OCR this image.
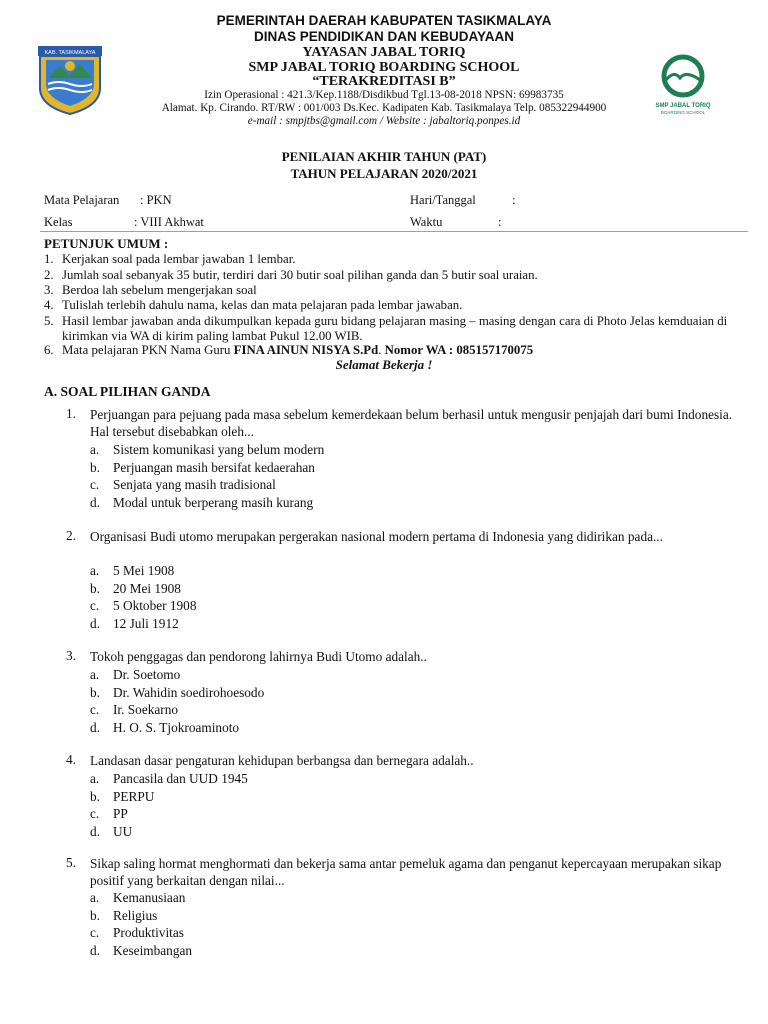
KAB. TASIKMALAYA
SMP JABAL TORIQ
BOARDING SCHOOL
PEMERINTAH DAERAH KABUPATEN TASIKMALAYA
DINAS PENDIDIKAN DAN KEBUDAYAAN
YAYASAN JABAL TORIQ
SMP JABAL TORIQ BOARDING SCHOOL
“TERAKREDITASI B”
Izin Operasional : 421.3/Kep.1188/Disdikbud Tgl.13-08-2018 NPSN: 69983735
Alamat. Kp. Cirando. RT/RW : 001/003 Ds.Kec. Kadipaten Kab. Tasikmalaya Telp. 085322944900
e-mail : smpjtbs@gmail.com / Website : jabaltoriq.ponpes.id
PENILAIAN AKHIR TAHUN (PAT)
TAHUN PELAJARAN 2020/2021
Mata Pelajaran : PKN
Kelas	: VIII Akhwat
Hari/Tanggal	:
Waktu	:
PETUNJUK UMUM :
1. Kerjakan soal pada lembar jawaban 1 lembar.
2. Jumlah soal sebanyak 35 butir, terdiri dari 30 butir soal pilihan ganda dan 5 butir soal uraian.
3. Berdoa lah sebelum mengerjakan soal
4. Tulislah terlebih dahulu nama, kelas dan mata pelajaran pada lembar jawaban.
5. Hasil lembar jawaban anda dikumpulkan kepada guru bidang pelajaran masing – masing dengan cara di Photo Jelas kemduaian di kirimkan via WA di kirim paling lambat Pukul 12.00 WIB.
6. Mata pelajaran PKN Nama Guru FINA AINUN NISYA S.Pd. Nomor WA : 085157170075
Selamat Bekerja !
A. SOAL PILIHAN GANDA
1. Perjuangan para pejuang pada masa sebelum kemerdekaan belum berhasil untuk mengusir penjajah dari bumi Indonesia. Hal tersebut disebabkan oleh...
a. Sistem komunikasi yang belum modern
b. Perjuangan masih bersifat kedaerahan
c. Senjata yang masih tradisional
d. Modal untuk berperang masih kurang
2. Organisasi Budi utomo merupakan pergerakan nasional modern pertama di Indonesia yang didirikan pada...
a. 5 Mei 1908
b. 20 Mei 1908
c. 5 Oktober 1908
d. 12 Juli 1912
3. Tokoh penggagas dan pendorong lahirnya Budi Utomo adalah..
a. Dr. Soetomo
b. Dr. Wahidin soedirohoesodo
c. Ir. Soekarno
d. H. O. S. Tjokroaminoto
4. Landasan dasar pengaturan kehidupan berbangsa dan bernegara adalah..
a. Pancasila dan UUD 1945
b. PERPU
c. PP
d. UU
5. Sikap saling hormat menghormati dan bekerja sama antar pemeluk agama dan penganut kepercayaan merupakan sikap positif yang berkaitan dengan nilai...
a. Kemanusiaan
b. Religius
c. Produktivitas
d. Keseimbangan
